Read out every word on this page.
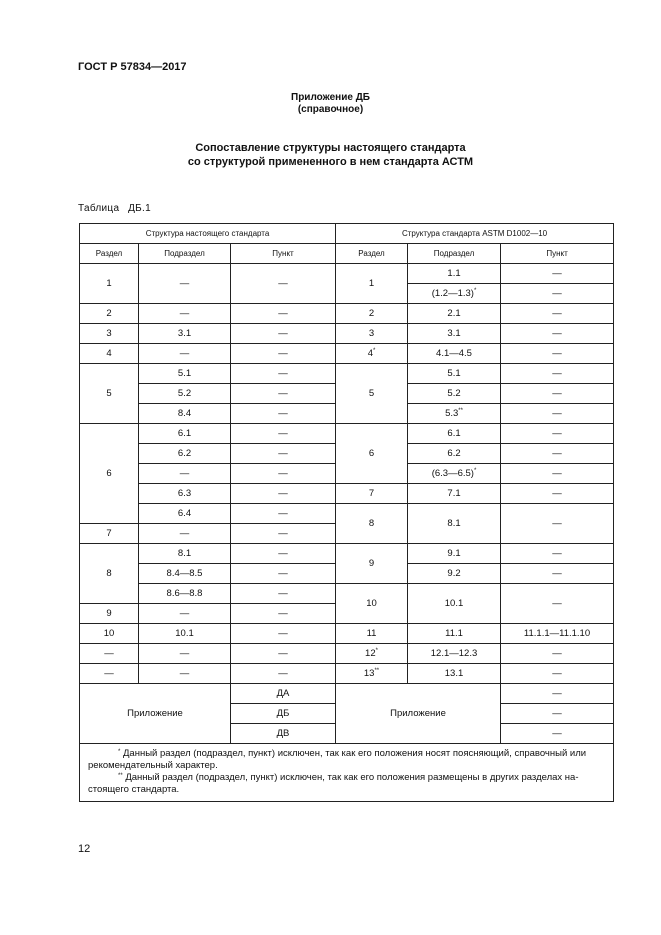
ГОСТ Р 57834—2017
Приложение ДБ
(справочное)
Сопоставление структуры настоящего стандарта
со структурой примененного в нем стандарта АСТМ
Таблица ДБ.1
Структура настоящего стандарта			Структура стандарта ASTM D1002—10		
Раздел	Подраздел	Пункт	Раздел	Подраздел	Пункт
1	—	—	1	1.1	—
				(1.2—1.3)*	—
2	—	—	2	2.1	—
3	3.1	—	3	3.1	—
4	—	—	4*	4.1—4.5	—
5	5.1	—	5	5.1	—
	5.2	—		5.2	—
	8.4	—		5.3**	—
6	6.1	—	6	6.1	—
	6.2	—		6.2	—
	—	—		(6.3—6.5)*	—
	6.3	—	7	7.1	—
	6.4	—	8	8.1	—
7	—	—			
8	8.1	—	9	9.1	—
	8.4—8.5	—		9.2	—
	8.6—8.8	—	10	10.1	—
9	—	—			
10	10.1	—	11	11.1	11.1.1—11.1.10
—	—	—	12*	12.1—12.3	—
—	—	—	13**	13.1	—
Приложение		ДА	Приложение		—
		ДБ			—
		ДВ			—

* Данный раздел (подраздел, пункт) исключен, так как его положения носят поясняющий, справочный или
рекомендательный характер.
** Данный раздел (подраздел, пункт) исключен, так как его положения размещены в других разделах на-
стоящего стандарта.					
12
